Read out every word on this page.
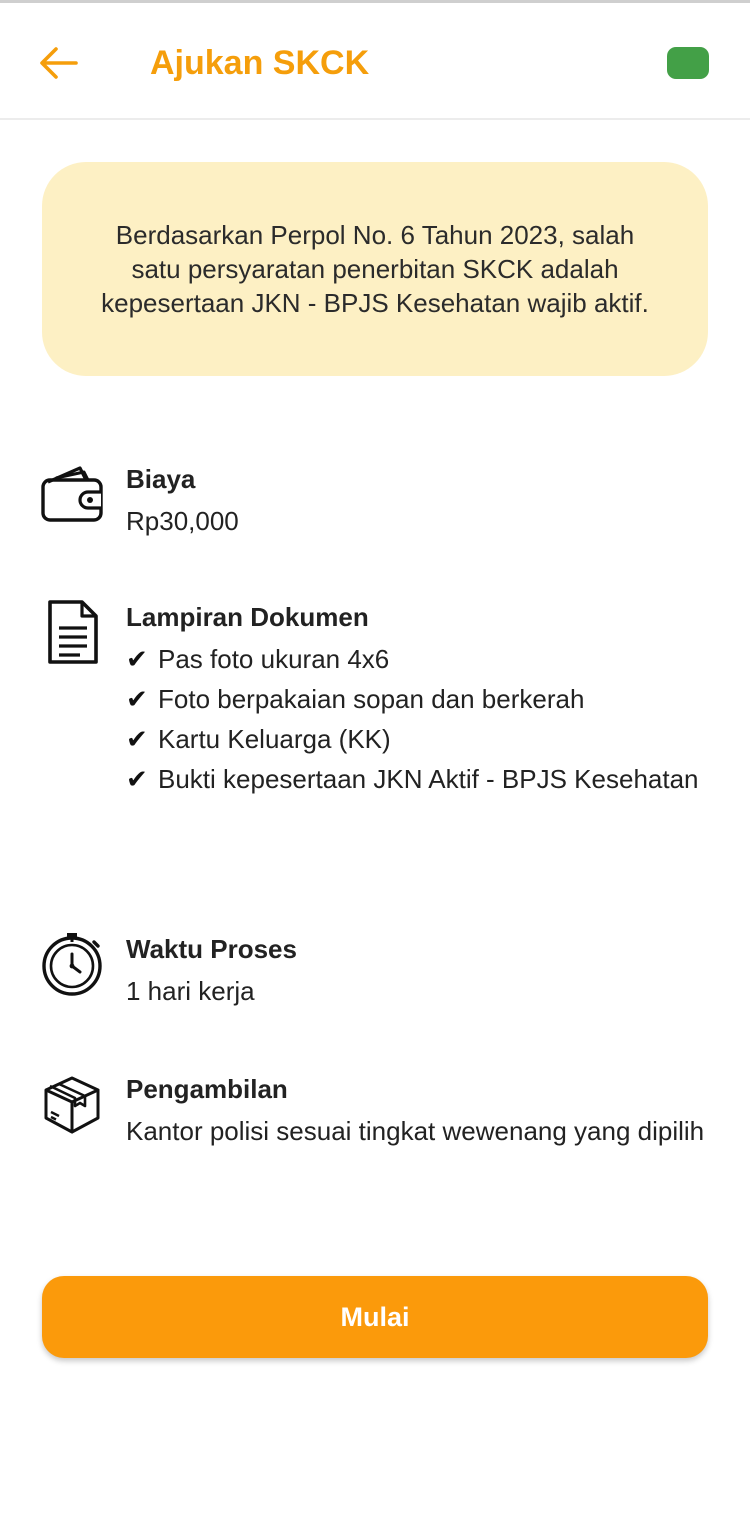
Ajukan SKCK
Berdasarkan Perpol No. 6 Tahun 2023, salah satu persyaratan penerbitan SKCK adalah kepesertaan JKN - BPJS Kesehatan wajib aktif.
Biaya
Rp30,000
Lampiran Dokumen
✔ Pas foto ukuran 4x6
✔ Foto berpakaian sopan dan berkerah
✔ Kartu Keluarga (KK)
✔ Bukti kepesertaan JKN Aktif - BPJS Kesehatan
Waktu Proses
1 hari kerja
Pengambilan
Kantor polisi sesuai tingkat wewenang yang dipilih
Mulai
